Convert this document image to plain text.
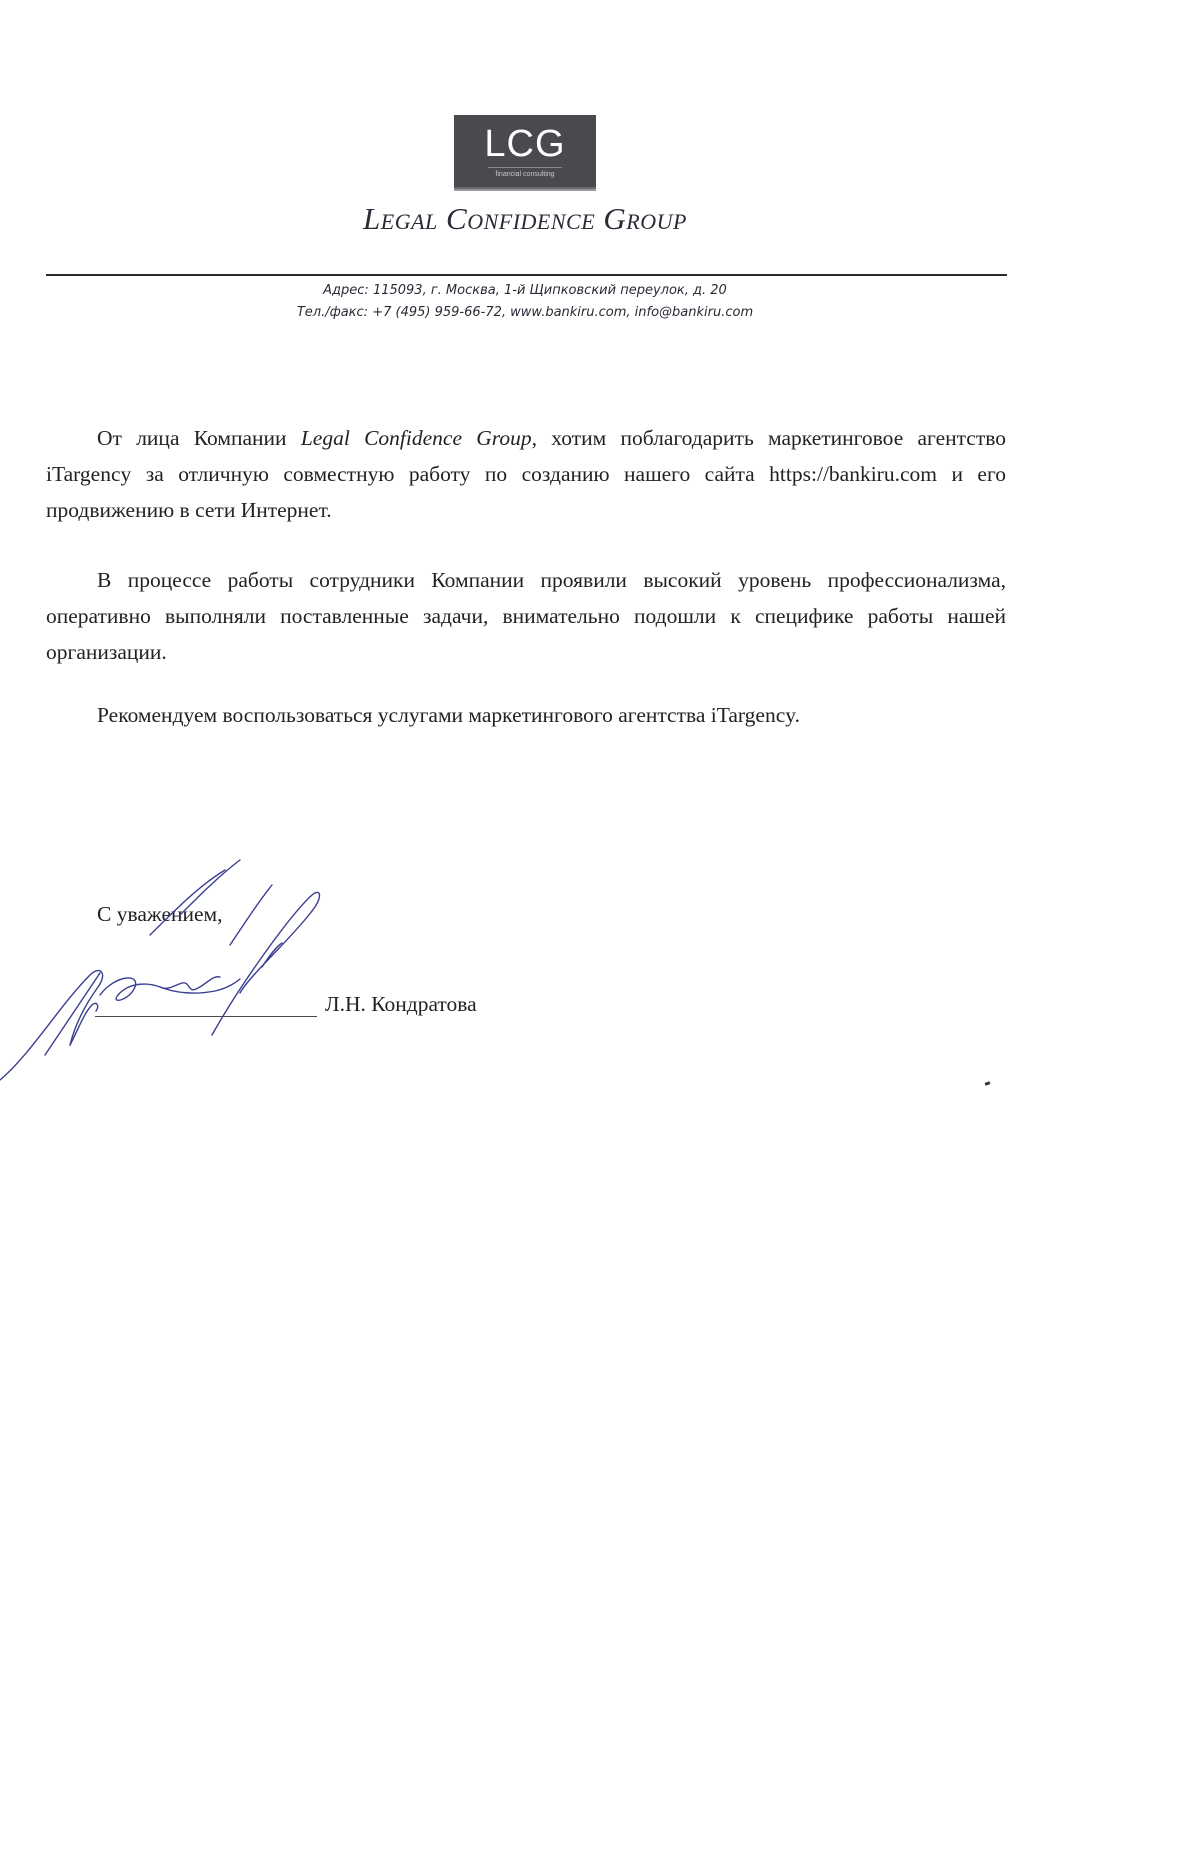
LCG
financial consulting
Legal Confidence Group
Адрес: 115093, г. Москва, 1-й Щипковский переулок, д. 20
Тел./факс: +7 (495) 959-66-72, www.bankiru.com, info@bankiru.com

От лица Компании Legal Confidence Group, хотим поблагодарить маркетинговое агентство iTargency за отличную совместную работу по созданию нашего сайта https://bankiru.com и его продвижению в сети Интернет.

В процессе работы сотрудники Компании проявили высокий уровень профессионализма, оперативно выполняли поставленные задачи, внимательно подошли к специфике работы нашей организации.

Рекомендуем воспользоваться услугами маркетингового агентства iTargency.

С уважением,
Л.Н. Кондратова
